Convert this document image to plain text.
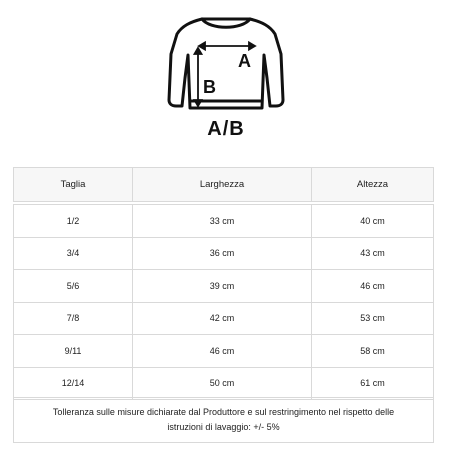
A
B
A/B
Taglia	Larghezza	Altezza

1/2	33 cm	40 cm
3/4	36 cm	43 cm
5/6	39 cm	46 cm
7/8	42 cm	53 cm
9/11	46 cm	58 cm
12/14	50 cm	61 cm
Tolleranza sulle misure dichiarate dal Produttore e sul restringimento nel rispetto delle istruzioni di lavaggio: +/- 5%
